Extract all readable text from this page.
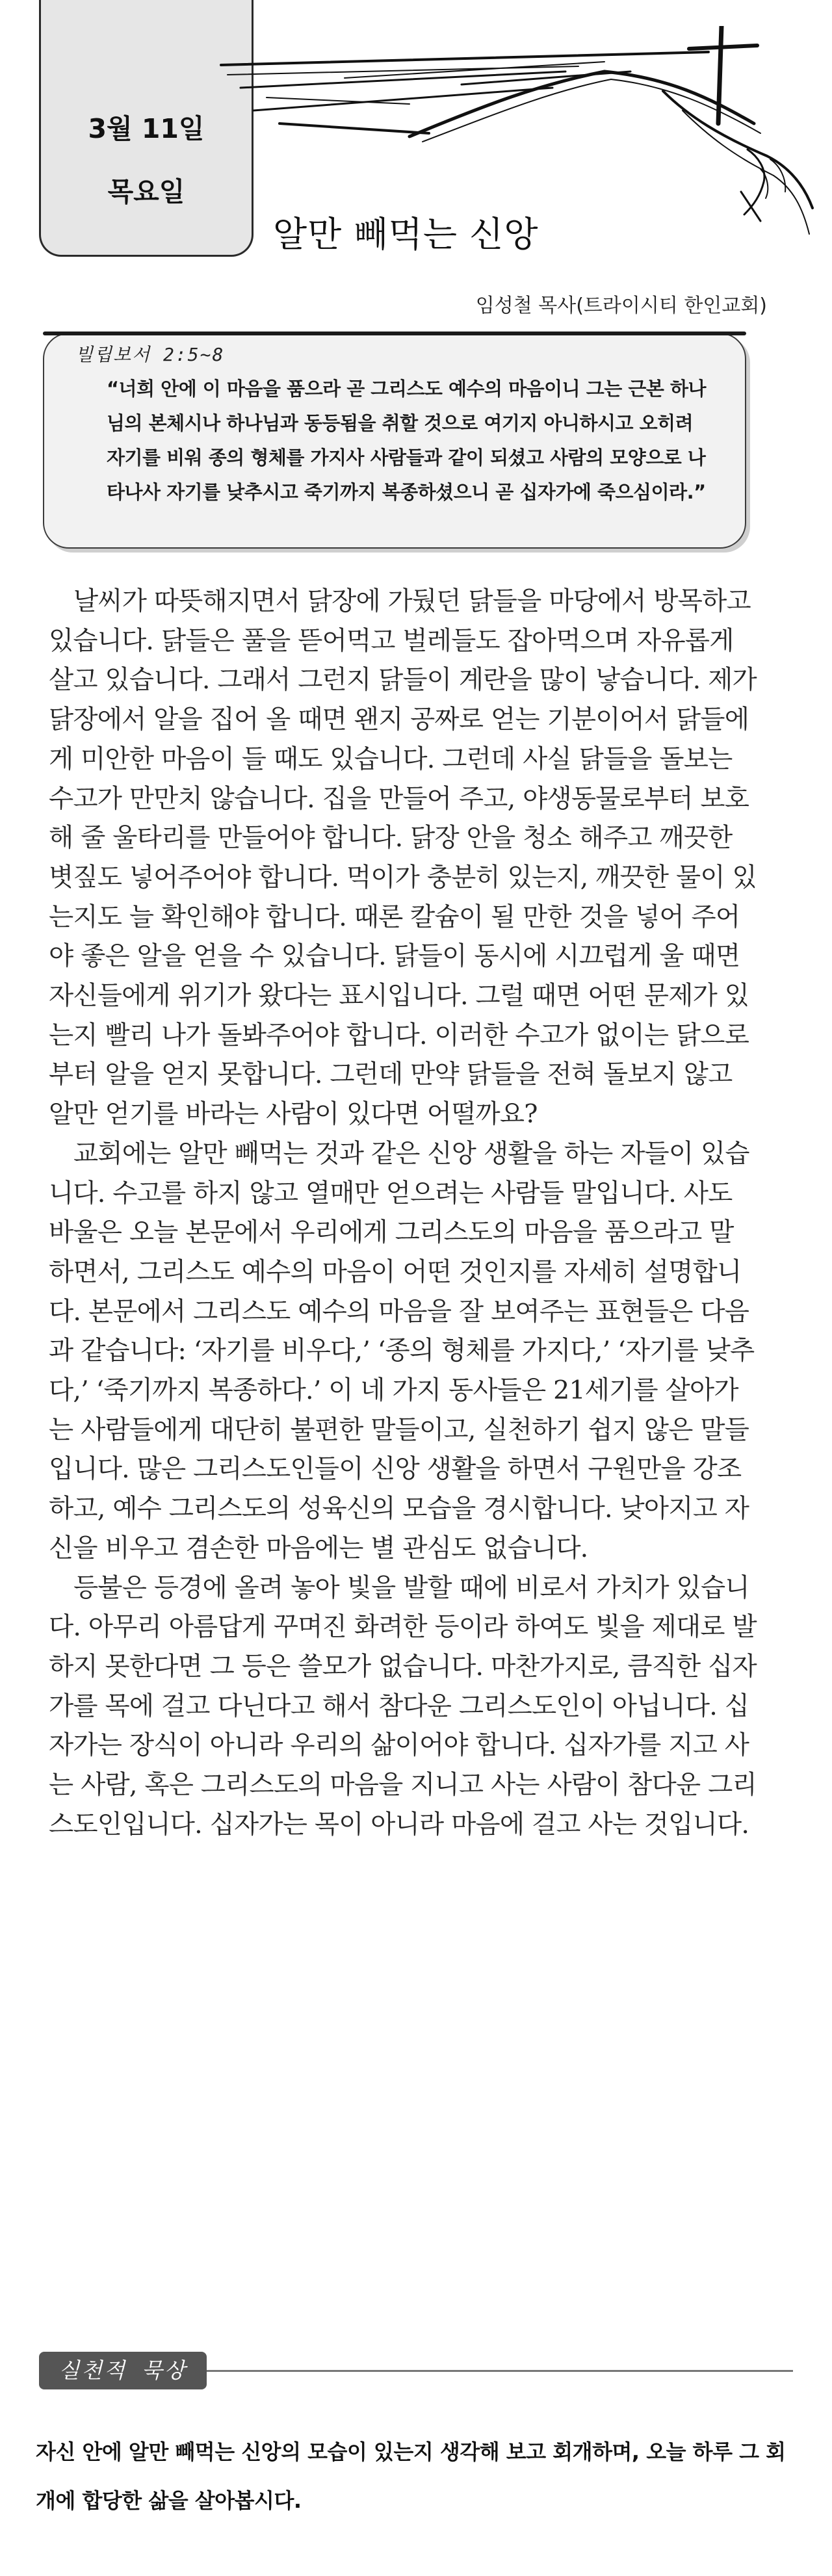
3월 11일
목요일
알만 빼먹는 신앙
임성철 목사(트라이시티 한인교회)
빌립보서 2:5~8
“너희 안에 이 마음을 품으라 곧 그리스도 예수의 마음이니 그는 근본 하나님의 본체시나 하나님과 동등됨을 취할 것으로 여기지 아니하시고 오히려 자기를 비워 종의 형체를 가지사 사람들과 같이 되셨고 사람의 모양으로 나타나사 자기를 낮추시고 죽기까지 복종하셨으니 곧 십자가에 죽으심이라.”

날씨가 따뜻해지면서 닭장에 가뒀던 닭들을 마당에서 방목하고 있습니다. 닭들은 풀을 뜯어먹고 벌레들도 잡아먹으며 자유롭게 살고 있습니다. 그래서 그런지 닭들이 계란을 많이 낳습니다. 제가 닭장에서 알을 집어 올 때면 왠지 공짜로 얻는 기분이어서 닭들에게 미안한 마음이 들 때도 있습니다. 그런데 사실 닭들을 돌보는 수고가 만만치 않습니다. 집을 만들어 주고, 야생동물로부터 보호해 줄 울타리를 만들어야 합니다. 닭장 안을 청소 해주고 깨끗한 볏짚도 넣어주어야 합니다. 먹이가 충분히 있는지, 깨끗한 물이 있는지도 늘 확인해야 합니다. 때론 칼슘이 될 만한 것을 넣어 주어야 좋은 알을 얻을 수 있습니다. 닭들이 동시에 시끄럽게 울 때면 자신들에게 위기가 왔다는 표시입니다. 그럴 때면 어떤 문제가 있는지 빨리 나가 돌봐주어야 합니다. 이러한 수고가 없이는 닭으로부터 알을 얻지 못합니다. 그런데 만약 닭들을 전혀 돌보지 않고 알만 얻기를 바라는 사람이 있다면 어떨까요?

교회에는 알만 빼먹는 것과 같은 신앙 생활을 하는 자들이 있습니다. 수고를 하지 않고 열매만 얻으려는 사람들 말입니다. 사도 바울은 오늘 본문에서 우리에게 그리스도의 마음을 품으라고 말하면서, 그리스도 예수의 마음이 어떤 것인지를 자세히 설명합니다. 본문에서 그리스도 예수의 마음을 잘 보여주는 표현들은 다음과 같습니다: ‘자기를 비우다,’ ‘종의 형체를 가지다,’ ‘자기를 낮추다,’ ‘죽기까지 복종하다.’ 이 네 가지 동사들은 21세기를 살아가는 사람들에게 대단히 불편한 말들이고, 실천하기 쉽지 않은 말들입니다. 많은 그리스도인들이 신앙 생활을 하면서 구원만을 강조하고, 예수 그리스도의 성육신의 모습을 경시합니다. 낮아지고 자신을 비우고 겸손한 마음에는 별 관심도 없습니다.

등불은 등경에 올려 놓아 빛을 발할 때에 비로서 가치가 있습니다. 아무리 아름답게 꾸며진 화려한 등이라 하여도 빛을 제대로 발하지 못한다면 그 등은 쓸모가 없습니다. 마찬가지로, 큼직한 십자가를 목에 걸고 다닌다고 해서 참다운 그리스도인이 아닙니다. 십자가는 장식이 아니라 우리의 삶이어야 합니다. 십자가를 지고 사는 사람, 혹은 그리스도의 마음을 지니고 사는 사람이 참다운 그리스도인입니다. 십자가는 목이 아니라 마음에 걸고 사는 것입니다.

실천적 묵상
자신 안에 알만 빼먹는 신앙의 모습이 있는지 생각해 보고 회개하며, 오늘 하루 그 회개에 합당한 삶을 살아봅시다.
